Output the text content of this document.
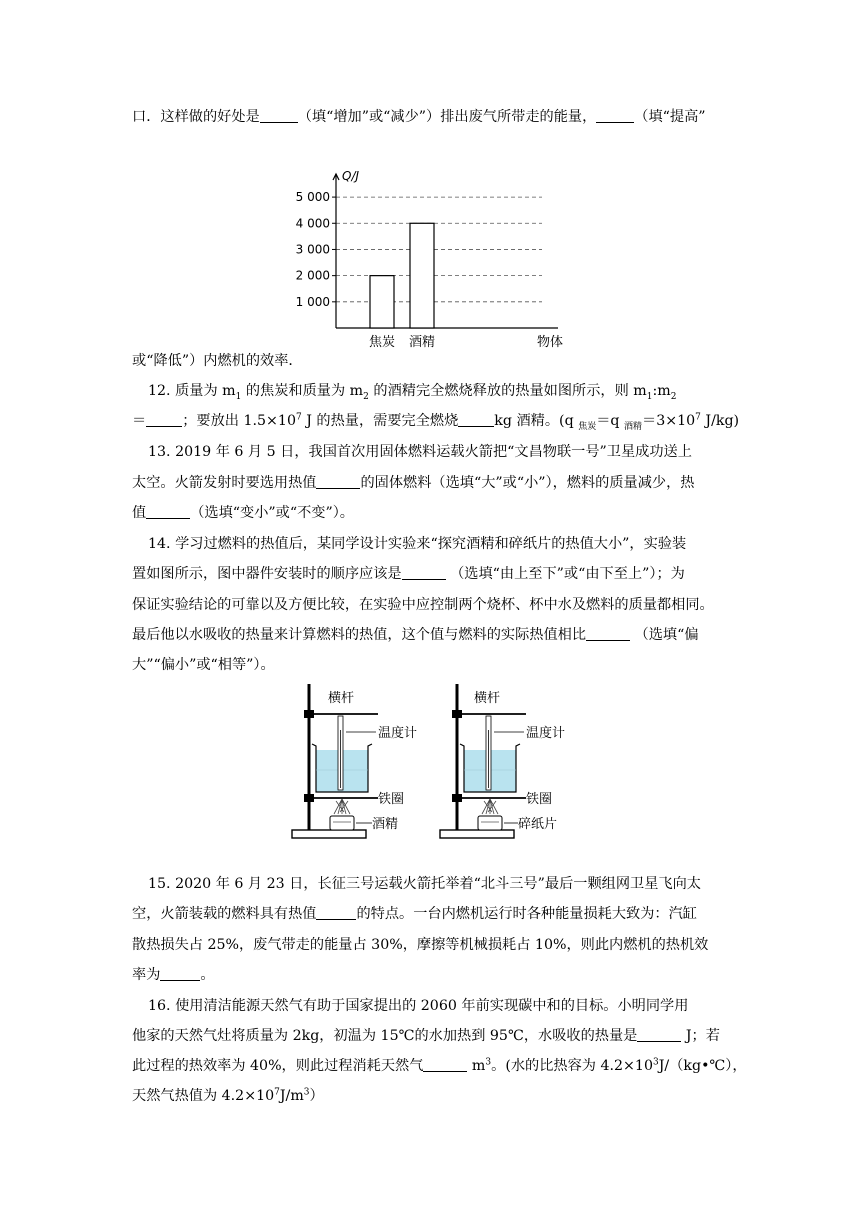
口．这样做的好处是	（填“增加”或“减少”）排出废气所带走的能量，	（填“提高”
1 000
2 000
3 000
4 000
5 000
Q/J
焦炭 酒精	物体
或“降低”）内燃机的效率．
12. 质量为 $m_1$ 的焦炭和质量为 $m_2$ 的酒精完全燃烧释放的热量如图所示，则 $m_1:m_2$
＝	；要放出 $1.5\times 10^7$ J 的热量，需要完全燃烧	kg 酒精。(q $_{焦炭}$＝q $_{酒精}=3\times 10^7$ J/kg)
13. 2019 年 6 月 5 日，我国首次用固体燃料运载火箭把“文昌物联一号”卫星成功送上
太空。火箭发射时要选用热值	的固体燃料（选填“大”或“小”），燃料的质量减少，热
值	（选填“变小”或“不变”）。
14. 学习过燃料的热值后，某同学设计实验来“探究酒精和碎纸片的热值大小”，实验装
置如图所示，图中器件安装时的顺序应该是	（选填“由上至下”或“由下至上”）；为
保证实验结论的可靠以及方便比较，在实验中应控制两个烧杯、杯中水及燃料的质量都相同。
最后他以水吸收的热量来计算燃料的热值，这个值与燃料的实际热值相比	（选填“偏
大”“偏小”或“相等”）。
横杆
温度计
铁圈
酒精
横杆
温度计
铁圈
碎纸片
15. 2020 年 6 月 23 日，长征三号运载火箭托举着“北斗三号”最后一颗组网卫星飞向太
空，火箭装载的燃料具有热值	的特点。一台内燃机运行时各种能量损耗大致为：汽缸
散热损失占 25%，废气带走的能量占 30%，摩擦等机械损耗占 10%，则此内燃机的热机效
率为	。
16. 使用清洁能源天然气有助于国家提出的 2060 年前实现碳中和的目标。小明同学用
他家的天然气灶将质量为 2kg，初温为 15℃的水加热到 95℃，水吸收的热量是	J；若
此过程的热效率为 40%，则此过程消耗天然气	$m^3$。(水的比热容为 $4.2\times 10^3J/(kg•℃)$，
天然气热值为 $4.2\times 10^7J/m^3$）
